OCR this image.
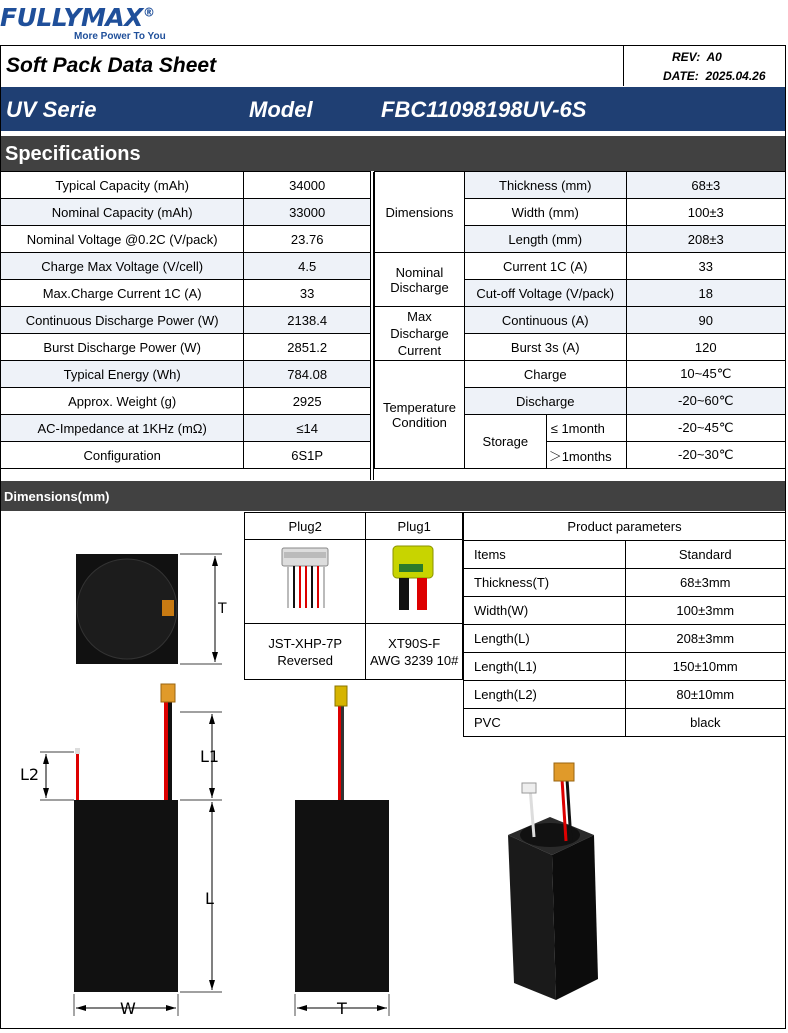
FULLYMAX®
More Power To You
Soft Pack Data Sheet	REV: A0
DATE: 2025.04.26
UV Serie	Model	FBC11098198UV-6S
Specifications
Typical Capacity (mAh)	34000
Nominal Capacity (mAh)	33000
Nominal Voltage @0.2C (V/pack)	23.76
Charge Max Voltage (V/cell)	4.5
Max.Charge Current 1C (A)	33
Continuous Discharge Power (W)	2138.4
Burst Discharge Power (W)	2851.2
Typical Energy (Wh)	784.08
Approx. Weight (g)	2925
AC-Impedance at 1KHz (mΩ)	≤14
Configuration	6S1P
Dimensions	Thickness (mm)		68±3
	Width (mm)		100±3
	Length (mm)		208±3
Nominal
Discharge	Current 1C (A)		33
	Cut-off Voltage (V/pack)		18
Max
Discharge
Current	Continuous (A)		90
	Burst 3s (A)		120
Temperature
Condition	Charge		10~45℃
	Discharge		-20~60℃
	Storage	≤ 1month	-20~45℃
		＞1months	-20~30℃
Dimensions(mm)
Plug2	Plug1

JST-XHP-7P
Reversed	XT90S-F
AWG 3239 10#
Product parameters	
Items	Standard
Thickness(T)	68±3mm
Width(W)	100±3mm
Length(L)	208±3mm
Length(L1)	150±10mm
Length(L2)	80±10mm
PVC	black
T
L1
L2
L
W	T
